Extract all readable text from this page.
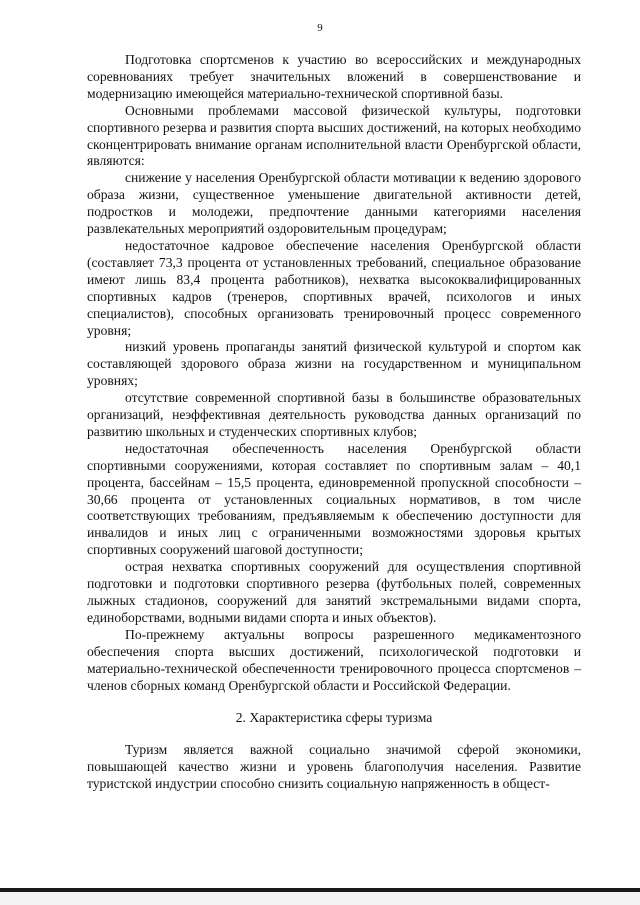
9

Подготовка спортсменов к участию во всероссийских и международных соревнованиях требует значительных вложений в совершенствование и модернизацию имеющейся материально-технической спортивной базы.

Основными проблемами массовой физической культуры, подготовки спортивного резерва и развития спорта высших достижений, на которых необходимо сконцентрировать внимание органам исполнительной власти Оренбургской области, являются:

снижение у населения Оренбургской области мотивации к ведению здорового образа жизни, существенное уменьшение двигательной активности детей, подростков и молодежи, предпочтение данными категориями населения развлекательных мероприятий оздоровительным процедурам;

недостаточное кадровое обеспечение населения Оренбургской области (составляет 73,3 процента от установленных требований, специальное образование имеют лишь 83,4 процента работников), нехватка высококвалифицированных спортивных кадров (тренеров, спортивных врачей, психологов и иных специалистов), способных организовать тренировочный процесс современного уровня;

низкий уровень пропаганды занятий физической культурой и спортом как составляющей здорового образа жизни на государственном и муниципальном уровнях;

отсутствие современной спортивной базы в большинстве образовательных организаций, неэффективная деятельность руководства данных организаций по развитию школьных и студенческих спортивных клубов;

недостаточная обеспеченность населения Оренбургской области спортивными сооружениями, которая составляет по спортивным залам – 40,1 процента, бассейнам – 15,5 процента, единовременной пропускной способности – 30,66 процента от установленных социальных нормативов, в том числе соответствующих требованиям, предъявляемым к обеспечению доступности для инвалидов и иных лиц с ограниченными возможностями здоровья крытых спортивных сооружений шаговой доступности;

острая нехватка спортивных сооружений для осуществления спортивной подготовки и подготовки спортивного резерва (футбольных полей, современных лыжных стадионов, сооружений для занятий экстремальными видами спорта, единоборствами, водными видами спорта и иных объектов).

По-прежнему актуальны вопросы разрешенного медикаментозного обеспечения спорта высших достижений, психологической подготовки и материально-технической обеспеченности тренировочного процесса спортсменов – членов сборных команд Оренбургской области и Российской Федерации.

2. Характеристика сферы туризма

Туризм является важной социально значимой сферой экономики, повышающей качество жизни и уровень благополучия населения. Развитие туристской индустрии способно снизить социальную напряженность в общест-
